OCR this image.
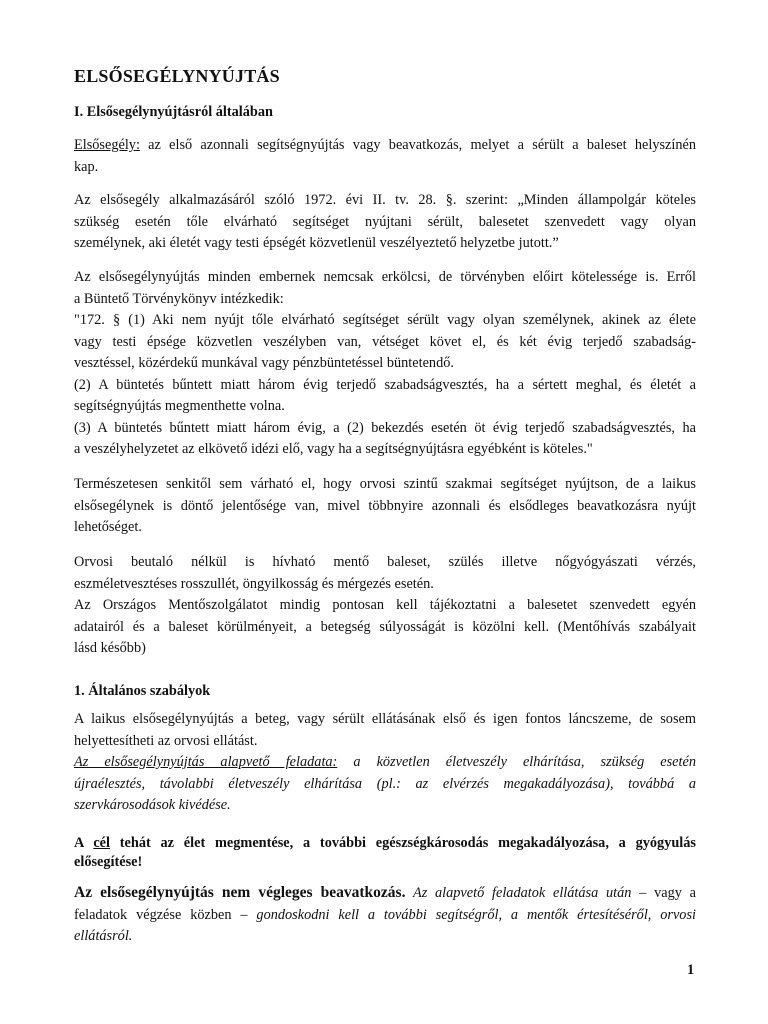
ELSŐSEGÉLYNYÚJTÁS
I. Elsősegélynyújtásról általában

Elsősegély: az első azonnali segítségnyújtás vagy beavatkozás, melyet a sérült a baleset helyszínén
kap.

Az elsősegély alkalmazásáról szóló 1972. évi II. tv. 28. §. szerint: „Minden állampolgár köteles
szükség esetén tőle elvárható segítséget nyújtani sérült, balesetet szenvedett vagy olyan
személynek, aki életét vagy testi épségét közvetlenül veszélyeztető helyzetbe jutott.”

Az elsősegélynyújtás minden embernek nemcsak erkölcsi, de törvényben előirt kötelessége is. Erről
a Büntető Törvénykönyv intézkedik:
"172. § (1) Aki nem nyújt tőle elvárható segítséget sérült vagy olyan személynek, akinek az élete
vagy testi épsége közvetlen veszélyben van, vétséget követ el, és két évig terjedő szabadság-
vesztéssel, közérdekű munkával vagy pénzbüntetéssel büntetendő.
(2) A büntetés bűntett miatt három évig terjedő szabadságvesztés, ha a sértett meghal, és életét a
segítségnyújtás megmenthette volna.
(3) A büntetés bűntett miatt három évig, a (2) bekezdés esetén öt évig terjedő szabadságvesztés, ha
a veszélyhelyzetet az elkövető idézi elő, vagy ha a segítségnyújtásra egyébként is köteles."

Természetesen senkitől sem várható el, hogy orvosi szintű szakmai segítséget nyújtson, de a laikus
elsősegélynek is döntő jelentősége van, mivel többnyire azonnali és elsődleges beavatkozásra nyújt
lehetőséget.

Orvosi beutaló nélkül is hívható mentő baleset, szülés illetve nőgyógyászati vérzés,
eszméletvesztéses rosszullét, öngyilkosság és mérgezés esetén.
Az Országos Mentőszolgálatot mindig pontosan kell tájékoztatni a balesetet szenvedett egyén
adatairól és a baleset körülményeit, a betegség súlyosságát is közölni kell. (Mentőhívás szabályait
lásd később)

1. Általános szabályok

A laikus elsősegélynyújtás a beteg, vagy sérült ellátásának első és igen fontos láncszeme, de sosem
helyettesítheti az orvosi ellátást.
Az elsősegélynyújtás alapvető feladata: a közvetlen életveszély elhárítása, szükség esetén
újraélesztés, távolabbi életveszély elhárítása (pl.: az elvérzés megakadályozása), továbbá a
szervkárosodások kivédése.

A cél tehát az élet megmentése, a további egészségkárosodás megakadályozása, a gyógyulás
elősegítése!

Az elsősegélynyújtás nem végleges beavatkozás. Az alapvető feladatok ellátása után – vagy a
feladatok végzése közben – gondoskodni kell a további segítségről, a mentők értesítéséről, orvosi
ellátásról.

1
